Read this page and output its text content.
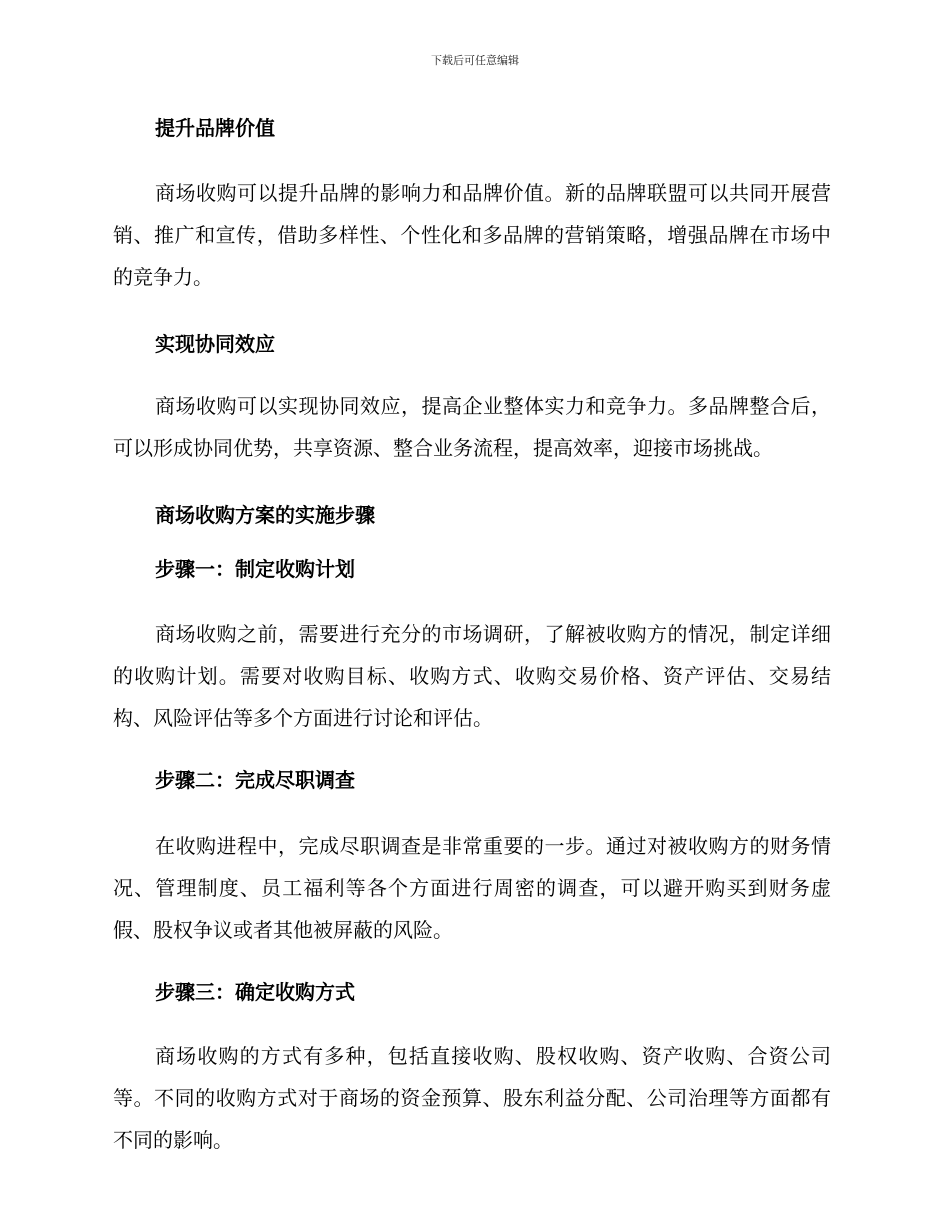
下载后可任意编辑

提升品牌价值

商场收购可以提升品牌的影响力和品牌价值。新的品牌联盟可以共同开展营销、推广和宣传，借助多样性、个性化和多品牌的营销策略，增强品牌在市场中的竞争力。

实现协同效应

商场收购可以实现协同效应，提高企业整体实力和竞争力。多品牌整合后，可以形成协同优势，共享资源、整合业务流程，提高效率，迎接市场挑战。

商场收购方案的实施步骤

步骤一：制定收购计划

商场收购之前，需要进行充分的市场调研，了解被收购方的情况，制定详细的收购计划。需要对收购目标、收购方式、收购交易价格、资产评估、交易结构、风险评估等多个方面进行讨论和评估。

步骤二：完成尽职调查

在收购进程中，完成尽职调查是非常重要的一步。通过对被收购方的财务情况、管理制度、员工福利等各个方面进行周密的调查，可以避开购买到财务虚假、股权争议或者其他被屏蔽的风险。

步骤三：确定收购方式

商场收购的方式有多种，包括直接收购、股权收购、资产收购、合资公司等。不同的收购方式对于商场的资金预算、股东利益分配、公司治理等方面都有不同的影响。
